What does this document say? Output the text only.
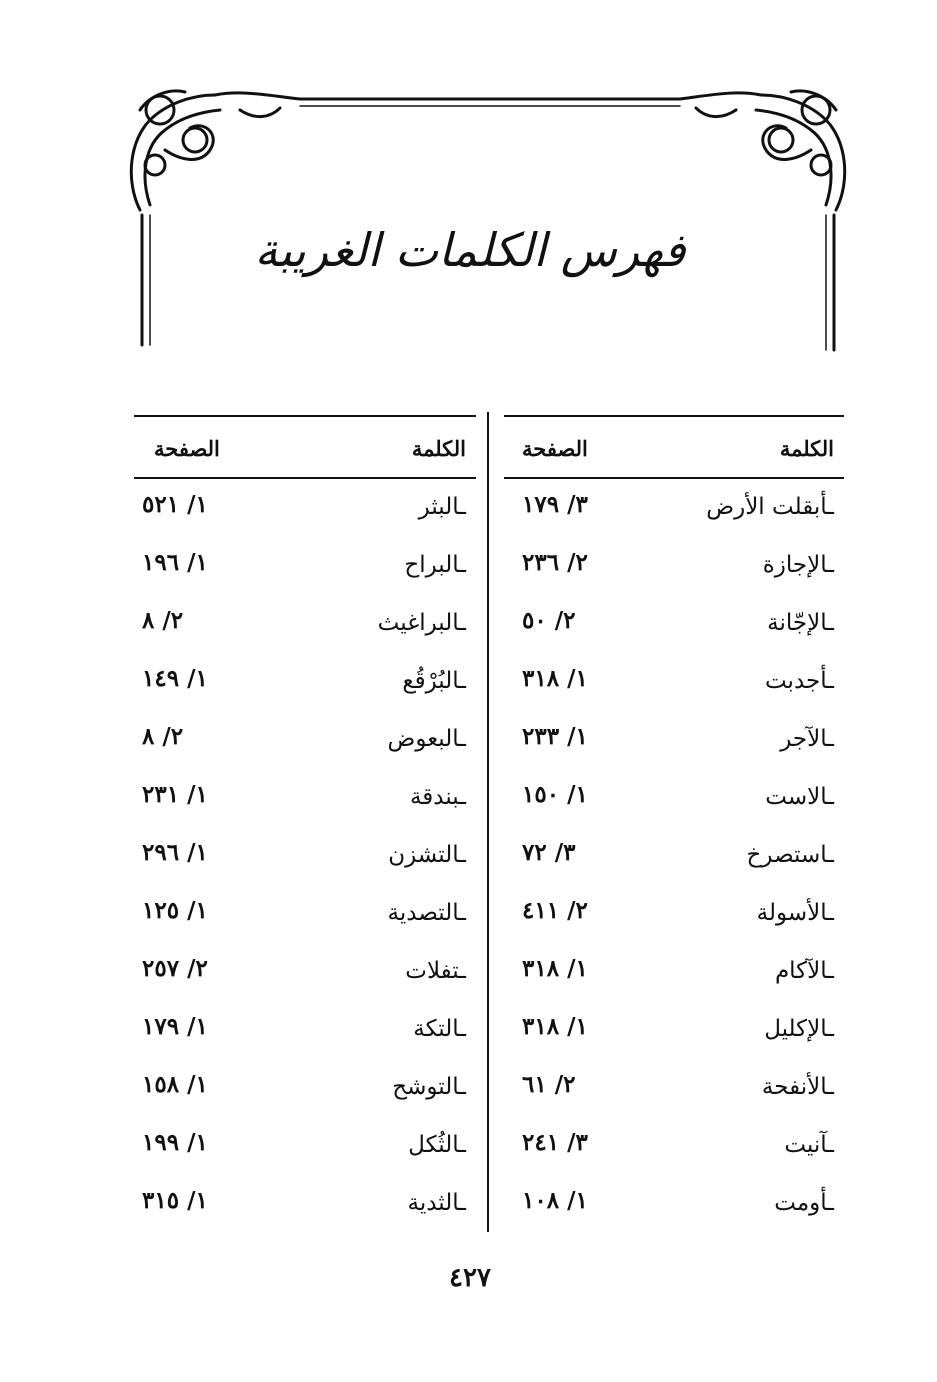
فهرس الكلمات الغريبة
الكلمة
الصفحة
ـأبقلت الأرض
٣/ ١٧٩
ـالإجازة
٢/ ٢٣٦
ـالإجّانة
٢/ ٥٠
ـأجدبت
١/ ٣١٨
ـالآجر
١/ ٢٣٣
ـالاست
١/ ١٥٠
ـاستصرخ
٣/ ٧٢
ـالأسولة
٢/ ٤١١
ـالآكام
١/ ٣١٨
ـالإكليل
١/ ٣١٨
ـالأنفحة
٢/ ٦١
ـآنيت
٣/ ٢٤١
ـأومت
١/ ١٠٨
الكلمة
الصفحة
ـالبثر
١/ ٥٢١
ـالبراح
١/ ١٩٦
ـالبراغيث
٢/ ٨
ـالبُرْقُع
١/ ١٤٩
ـالبعوض
٢/ ٨
ـبندقة
١/ ٢٣١
ـالتشزن
١/ ٢٩٦
ـالتصدية
١/ ١٢٥
ـتفلات
٢/ ٢٥٧
ـالتكة
١/ ١٧٩
ـالتوشح
١/ ١٥٨
ـالثُكل
١/ ١٩٩
ـالثدية
١/ ٣١٥
٤٢٧
